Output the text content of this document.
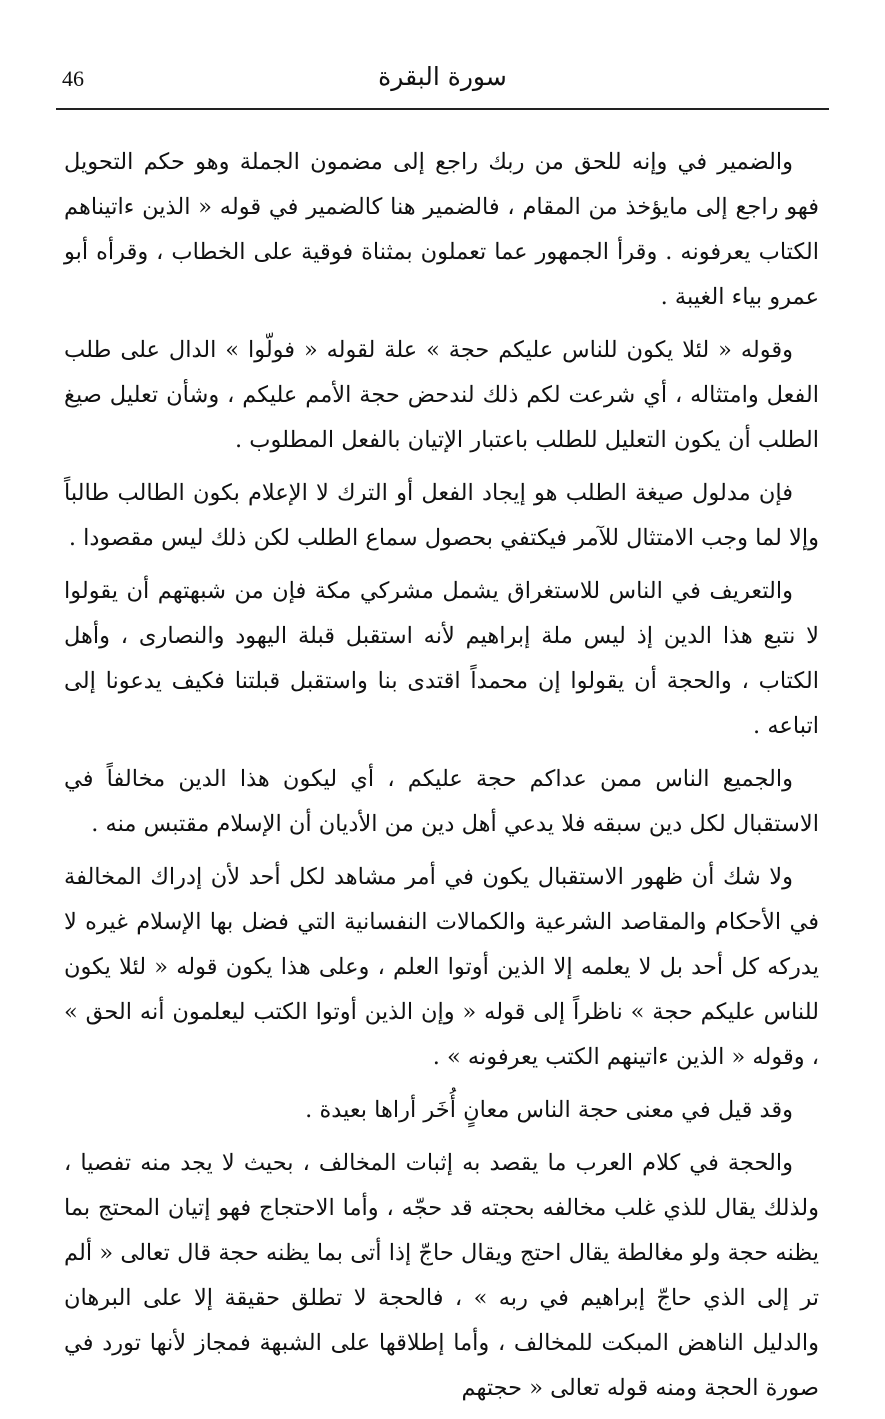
46	سورة البقرة

والضمير في وإنه للحق من ربك راجع إلى مضمون الجملة وهو حكم التحويل فهو راجع إلى مايؤخذ من المقام ، فالضمير هنا كالضمير في قوله « الذين ءاتيناهم الكتاب يعرفونه . وقرأ الجمهور عما تعملون بمثناة فوقية على الخطاب ، وقرأه أبو عمرو بياء الغيبة .

وقوله « لئلا يكون للناس عليكم حجة » علة لقوله « فولّوا » الدال على طلب الفعل وامتثاله ، أي شرعت لكم ذلك لندحض حجة الأمم عليكم ، وشأن تعليل صيغ الطلب أن يكون التعليل للطلب باعتبار الإتيان بالفعل المطلوب .

فإن مدلول صيغة الطلب هو إيجاد الفعل أو الترك لا الإعلام بكون الطالب طالباً وإلا لما وجب الامتثال للآمر فيكتفي بحصول سماع الطلب لكن ذلك ليس مقصودا .

والتعريف في الناس للاستغراق يشمل مشركي مكة فإن من شبهتهم أن يقولوا لا نتبع هذا الدين إذ ليس ملة إبراهيم لأنه استقبل قبلة اليهود والنصارى ، وأهل الكتاب ، والحجة أن يقولوا إن محمداً اقتدى بنا واستقبل قبلتنا فكيف يدعونا إلى اتباعه .

والجميع الناس ممن عداكم حجة عليكم ، أي ليكون هذا الدين مخالفاً في الاستقبال لكل دين سبقه فلا يدعي أهل دين من الأديان أن الإسلام مقتبس منه .

ولا شك أن ظهور الاستقبال يكون في أمر مشاهد لكل أحد لأن إدراك المخالفة في الأحكام والمقاصد الشرعية والكمالات النفسانية التي فضل بها الإسلام غيره لا يدركه كل أحد بل لا يعلمه إلا الذين أوتوا العلم ، وعلى هذا يكون قوله « لئلا يكون للناس عليكم حجة » ناظراً إلى قوله « وإن الذين أوتوا الكتب ليعلمون أنه الحق » ، وقوله « الذين ءاتينهم الكتب يعرفونه » .

وقد قيل في معنى حجة الناس معانٍ أُخَر أراها بعيدة .

والحجة في كلام العرب ما يقصد به إثبات المخالف ، بحيث لا يجد منه تفصيا ، ولذلك يقال للذي غلب مخالفه بحجته قد حجّه ، وأما الاحتجاج فهو إتيان المحتج بما يظنه حجة ولو مغالطة يقال احتج ويقال حاجّ إذا أتى بما يظنه حجة قال تعالى « ألم تر إلى الذي حاجّ إبراهيم في ربه » ، فالحجة لا تطلق حقيقة إلا على البرهان والدليل الناهض المبكت للمخالف ، وأما إطلاقها على الشبهة فمجاز لأنها تورد في صورة الحجة ومنه قوله تعالى « حجتهم
